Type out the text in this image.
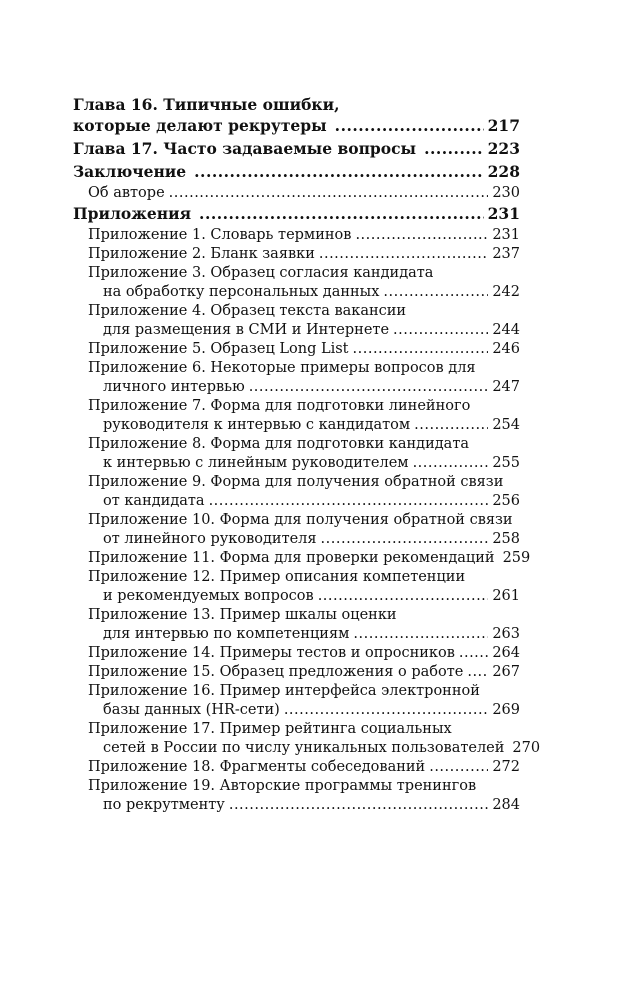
Глава 16. Типичные ошибки,
которые делают рекрутеры .....	217
Глава 17. Часто задаваемые вопросы .....	223
Заключение .....	228
Об авторе .....	230
Приложения .....	231
Приложение 1. Словарь терминов .....	231
Приложение 2. Бланк заявки .....	237
Приложение 3. Образец согласия кандидата
на обработку персональных данных .....	242
Приложение 4. Образец текста вакансии
для размещения в СМИ и Интернете .....	244
Приложение 5. Образец Long List .....	246
Приложение 6. Некоторые примеры вопросов для
личного интервью .....	247
Приложение 7. Форма для подготовки линейного
руководителя к интервью с кандидатом .....	254
Приложение 8. Форма для подготовки кандидата
к интервью с линейным руководителем .....	255
Приложение 9. Форма для получения обратной связи
от кандидата .....	256
Приложение 10. Форма для получения обратной связи
от линейного руководителя .....	258
Приложение 11. Форма для проверки рекомендаций 259
Приложение 12. Пример описания компетенции
и рекомендуемых вопросов .....	261
Приложение 13. Пример шкалы оценки
для интервью по компетенциям .....	263
Приложение 14. Примеры тестов и опросников .....	264
Приложение 15. Образец предложения о работе ..... 267
Приложение 16. Пример интерфейса электронной
базы данных (HR-сети) .....	269
Приложение 17. Пример рейтинга социальных
сетей в России по числу уникальных пользователей 270
Приложение 18. Фрагменты собеседований .....	272
Приложение 19. Авторские программы тренингов
по рекрутменту .....	284
